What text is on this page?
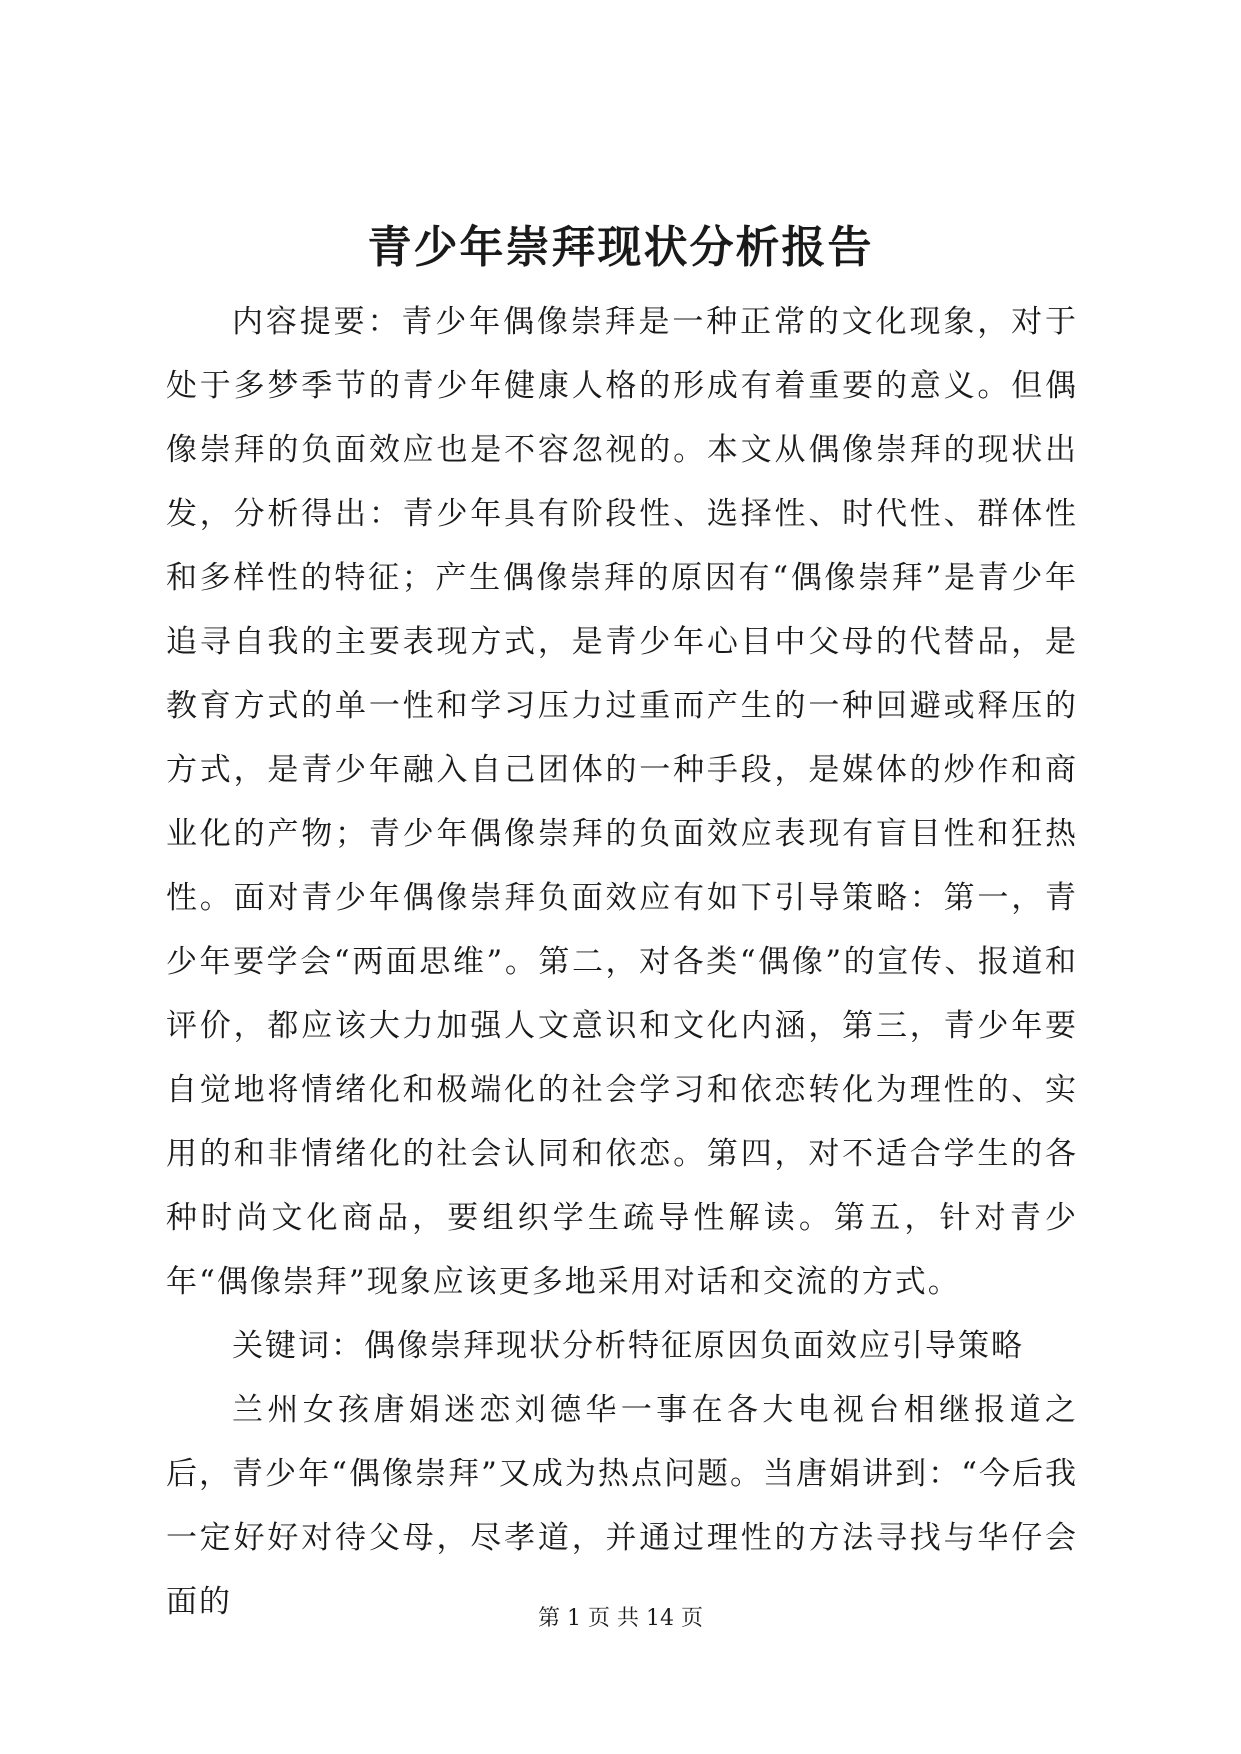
青少年崇拜现状分析报告

内容提要：青少年偶像崇拜是一种正常的文化现象，对于处于多梦季节的青少年健康人格的形成有着重要的意义。但偶像崇拜的负面效应也是不容忽视的。本文从偶像崇拜的现状出发，分析得出：青少年具有阶段性、选择性、时代性、群体性和多样性的特征；产生偶像崇拜的原因有“偶像崇拜”是青少年追寻自我的主要表现方式，是青少年心目中父母的代替品，是教育方式的单一性和学习压力过重而产生的一种回避或释压的方式，是青少年融入自己团体的一种手段，是媒体的炒作和商业化的产物；青少年偶像崇拜的负面效应表现有盲目性和狂热性。面对青少年偶像崇拜负面效应有如下引导策略：第一，青少年要学会“两面思维”。第二，对各类“偶像”的宣传、报道和评价，都应该大力加强人文意识和文化内涵，第三，青少年要自觉地将情绪化和极端化的社会学习和依恋转化为理性的、实用的和非情绪化的社会认同和依恋。第四，对不适合学生的各种时尚文化商品，要组织学生疏导性解读。第五，针对青少年“偶像崇拜”现象应该更多地采用对话和交流的方式。

关键词：偶像崇拜现状分析特征原因负面效应引导策略

兰州女孩唐娟迷恋刘德华一事在各大电视台相继报道之后，青少年“偶像崇拜”又成为热点问题。当唐娟讲到：“今后我一定好好对待父母，尽孝道，并通过理性的方法寻找与华仔会面的	第 1 页 共 14 页
